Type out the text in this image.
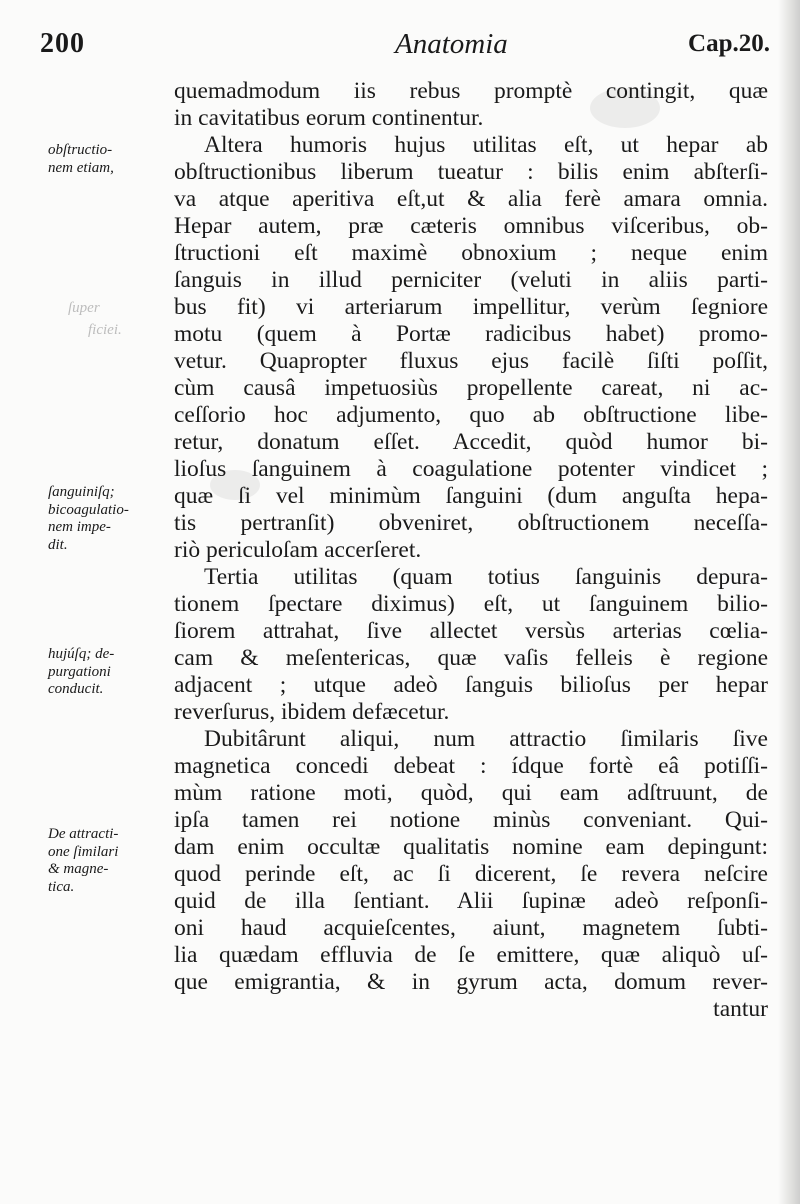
200	Anatomia	Cap.20.
ſuper
ficiei.
quemadmodum iis rebus promptè contingit, quæ
in cavitatibus eorum continentur.
Altera humoris hujus utilitas eſt, ut hepar ab
obſtructionibus liberum tueatur : bilis enim abſterſi-
va atque aperitiva eſt,ut & alia ferè amara omnia.
Hepar autem, præ cæteris omnibus viſceribus, ob-
ſtructioni eſt maximè obnoxium ; neque enim
ſanguis in illud perniciter (veluti in aliis parti-
bus fit) vi arteriarum impellitur, verùm ſegniore
motu (quem à Portæ radicibus habet) promo-
vetur. Quapropter fluxus ejus facilè ſiſti poſſit,
cùm causâ impetuosiùs propellente careat, ni ac-
ceſſorio hoc adjumento, quo ab obſtructione libe-
retur, donatum eſſet. Accedit, quòd humor bi-
lioſus ſanguinem à coagulatione potenter vindicet ;
quæ ſi vel minimùm ſanguini (dum anguſta hepa-
tis pertranſit) obveniret, obſtructionem neceſſa-
riò periculoſam accerſeret.
Tertia utilitas (quam totius ſanguinis depura-
tionem ſpectare diximus) eſt, ut ſanguinem bilio-
ſiorem attrahat, ſive allectet versùs arterias cœlia-
cam & meſentericas, quæ vaſis felleis è regione
adjacent ; utque adeò ſanguis bilioſus per hepar
reverſurus, ibidem defæcetur.
Dubitârunt aliqui, num attractio ſimilaris ſive
magnetica concedi debeat : ídque fortè eâ potiſſi-
mùm ratione moti, quòd, qui eam adſtruunt, de
ipſa tamen rei notione minùs conveniant. Qui-
dam enim occultæ qualitatis nomine eam depingunt:
quod perinde eſt, ac ſi dicerent, ſe revera neſcire
quid de illa ſentiant. Alii ſupinæ adeò reſponſi-
oni haud acquieſcentes, aiunt, magnetem ſubti-
lia quædam effluvia de ſe emittere, quæ aliquò uſ-
que emigrantia, & in gyrum acta, domum rever-
tantur
obſtructio-
nem etiam,
ſanguiniſq;
bicoagulatio-
nem impe-
dit.
hujúſq; de-
purgationi
conducit.
De attracti-
one ſimilari
& magne-
tica.
